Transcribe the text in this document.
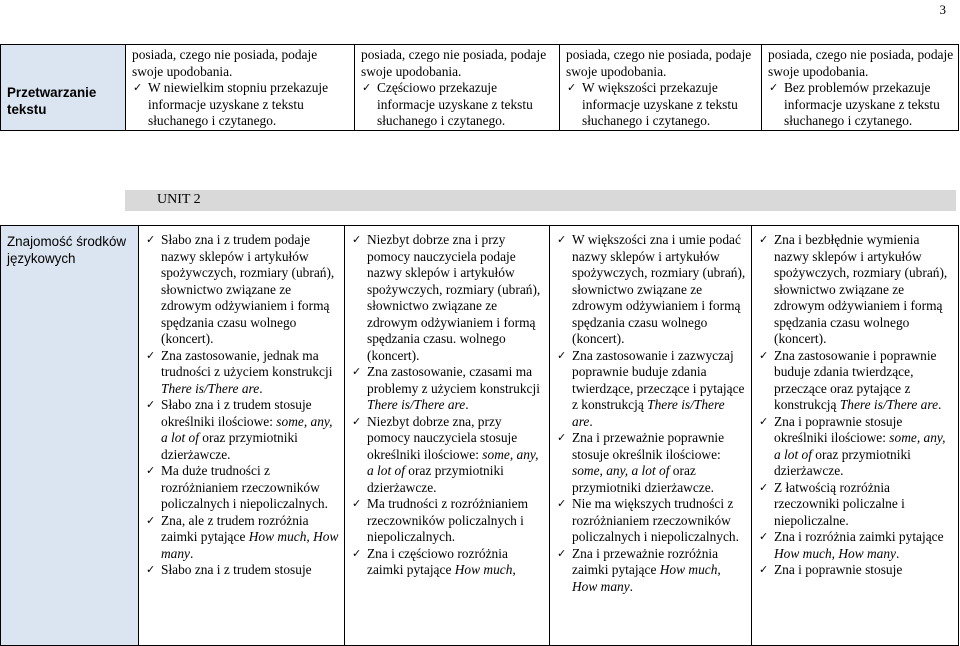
3
Przetwarzanie tekstu	
posiada, czego nie posiada, podaje swoje upodobania.
✓ W niewielkim stopniu przekazuje informacje uzyskane z tekstu słuchanego i czytanego.

posiada, czego nie posiada, podaje swoje upodobania.
✓ Częściowo przekazuje informacje uzyskane z tekstu słuchanego i czytanego.

posiada, czego nie posiada, podaje swoje upodobania.
✓ W większości przekazuje informacje uzyskane z tekstu słuchanego i czytanego.

posiada, czego nie posiada, podaje swoje upodobania.
✓ Bez problemów przekazuje informacje uzyskane z tekstu słuchanego i czytanego.
UNIT 2
Znajomość środków językowych	
✓ Słabo zna i z trudem podaje nazwy sklepów i artykułów spożywczych, rozmiary (ubrań), słownictwo związane ze zdrowym odżywianiem i formą spędzania czasu wolnego (koncert).
✓ Zna zastosowanie, jednak ma trudności z użyciem konstrukcji There is/There are.
✓ Słabo zna i z trudem stosuje określniki ilościowe: some, any, a lot of oraz przymiotniki dzierżawcze.
✓ Ma duże trudności z rozróżnianiem rzeczowników policzalnych i niepoliczalnych.
✓ Zna, ale z trudem rozróżnia zaimki pytające How much, How many.
✓ Słabo zna i z trudem stosuje

✓ Niezbyt dobrze zna i przy pomocy nauczyciela podaje nazwy sklepów i artykułów spożywczych, rozmiary (ubrań), słownictwo związane ze zdrowym odżywianiem i formą spędzania czasu. wolnego (koncert).
✓ Zna zastosowanie, czasami ma problemy z użyciem konstrukcji There is/There are.
✓ Niezbyt dobrze zna, przy pomocy nauczyciela stosuje określniki ilościowe: some, any, a lot of oraz przymiotniki dzierżawcze.
✓ Ma trudności z rozróżnianiem rzeczowników policzalnych i niepoliczalnych.
✓ Zna i częściowo rozróżnia zaimki pytające How much,

✓ W większości zna i umie podać nazwy sklepów i artykułów spożywczych, rozmiary (ubrań), słownictwo związane ze zdrowym odżywianiem i formą spędzania czasu wolnego (koncert).
✓ Zna zastosowanie i zazwyczaj poprawnie buduje zdania twierdzące, przeczące i pytające z konstrukcją There is/There are.
✓ Zna i przeważnie poprawnie stosuje określnik ilościowe: some, any, a lot of oraz przymiotniki dzierżawcze.
✓ Nie ma większych trudności z rozróżnianiem rzeczowników policzalnych i niepoliczalnych.
✓ Zna i przeważnie rozróżnia zaimki pytające How much, How many.

✓ Zna i bezbłędnie wymienia nazwy sklepów i artykułów spożywczych, rozmiary (ubrań), słownictwo związane ze zdrowym odżywianiem i formą spędzania czasu wolnego (koncert).
✓ Zna zastosowanie i poprawnie buduje zdania twierdzące, przeczące oraz pytające z konstrukcją There is/There are.
✓ Zna i poprawnie stosuje określniki ilościowe: some, any, a lot of oraz przymiotniki dzierżawcze.
✓ Z łatwością rozróżnia rzeczowniki policzalne i niepoliczalne.
✓ Zna i rozróżnia zaimki pytające How much, How many.
✓ Zna i poprawnie stosuje
